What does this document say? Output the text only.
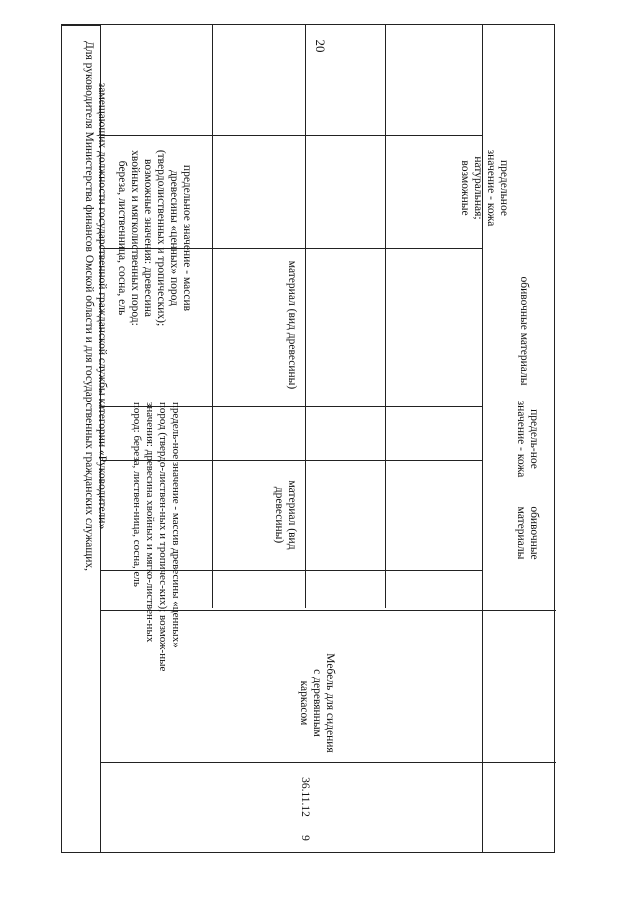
20
Для руководителя Министерства финансов Омской области и для государственных гражданских служащих, замещающих должности государственной гражданской службы категории «Руководители»
9
36.11.12
Мебель для сидения с деревянным каркасом
материал (вид древесины)
предель-ное значение - массив древесины «ценных» пород (твердо-листвен-ных и тропичес-ких); возмож-ные значения: древесина хвойных и мягко-листвен-ных пород: береза, листвен-ница, сосна, ель	обивочные материалы
предель-ное значение - кожа
материал (вид древесины)
предельное значение - массив древесины «ценных» пород (твердолиственных и тропических); возможные значения: древесина хвойных и мягколиственных пород: береза, лиственница, сосна, ель
обивочные материалы
предельное значение - кожа натуральная; возможные
